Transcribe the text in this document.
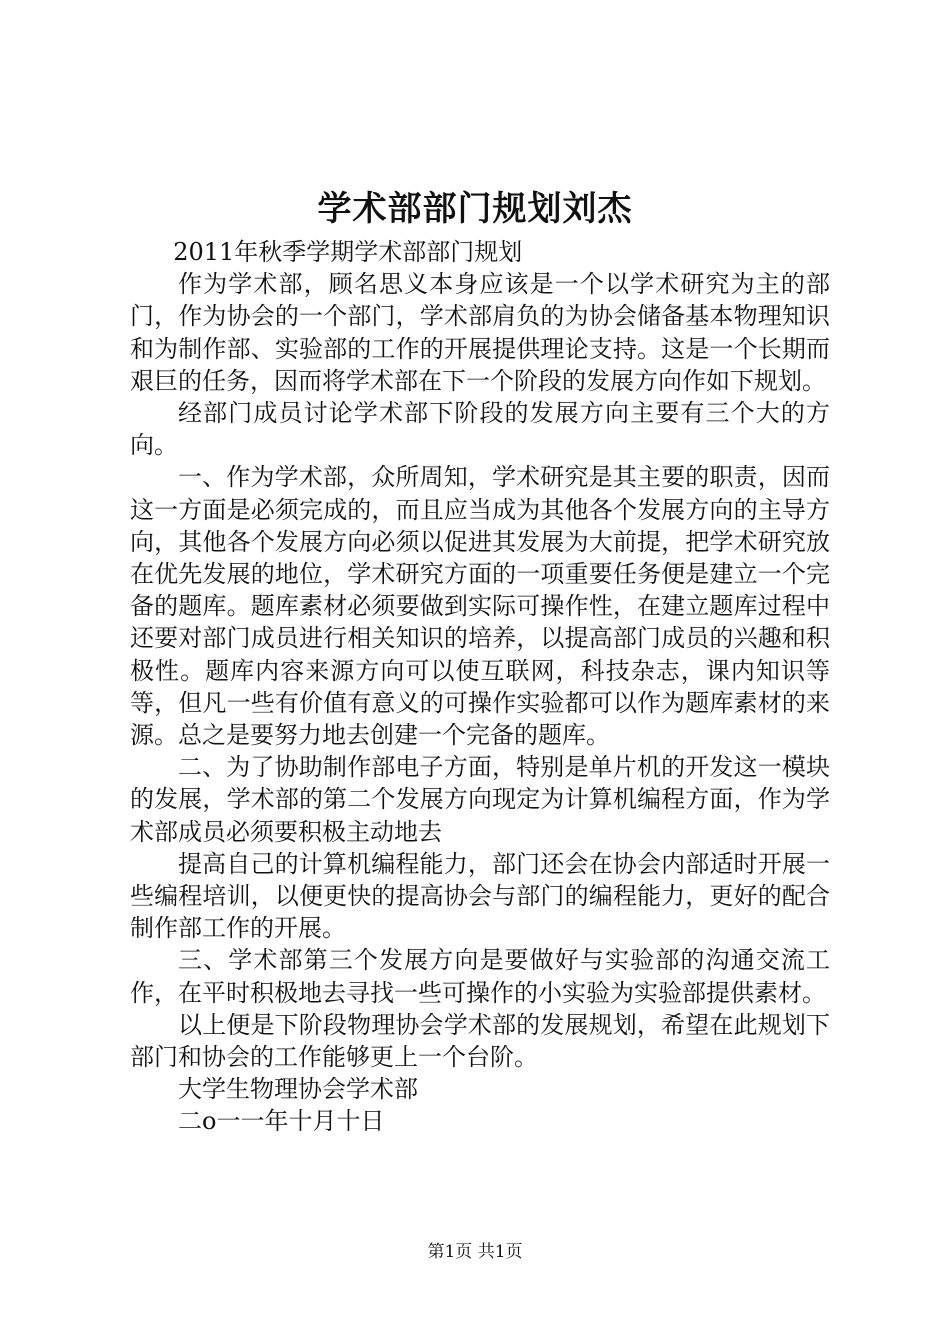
学术部部门规划刘杰

2011年秋季学期学术部部门规划

作为学术部，顾名思义本身应该是一个以学术研究为主的部门，作为协会的一个部门，学术部肩负的为协会储备基本物理知识和为制作部、实验部的工作的开展提供理论支持。这是一个长期而艰巨的任务，因而将学术部在下一个阶段的发展方向作如下规划。

经部门成员讨论学术部下阶段的发展方向主要有三个大的方向。

一、作为学术部，众所周知，学术研究是其主要的职责，因而这一方面是必须完成的，而且应当成为其他各个发展方向的主导方向，其他各个发展方向必须以促进其发展为大前提，把学术研究放在优先发展的地位，学术研究方面的一项重要任务便是建立一个完备的题库。题库素材必须要做到实际可操作性，在建立题库过程中还要对部门成员进行相关知识的培养，以提高部门成员的兴趣和积极性。题库内容来源方向可以使互联网，科技杂志，课内知识等等，但凡一些有价值有意义的可操作实验都可以作为题库素材的来源。总之是要努力地去创建一个完备的题库。

二、为了协助制作部电子方面，特别是单片机的开发这一模块的发展，学术部的第二个发展方向现定为计算机编程方面，作为学术部成员必须要积极主动地去

提高自己的计算机编程能力，部门还会在协会内部适时开展一些编程培训，以便更快的提高协会与部门的编程能力，更好的配合制作部工作的开展。

三、学术部第三个发展方向是要做好与实验部的沟通交流工作，在平时积极地去寻找一些可操作的小实验为实验部提供素材。

以上便是下阶段物理协会学术部的发展规划，希望在此规划下部门和协会的工作能够更上一个台阶。

大学生物理协会学术部

二o一一年十月十日

第1页 共1页
